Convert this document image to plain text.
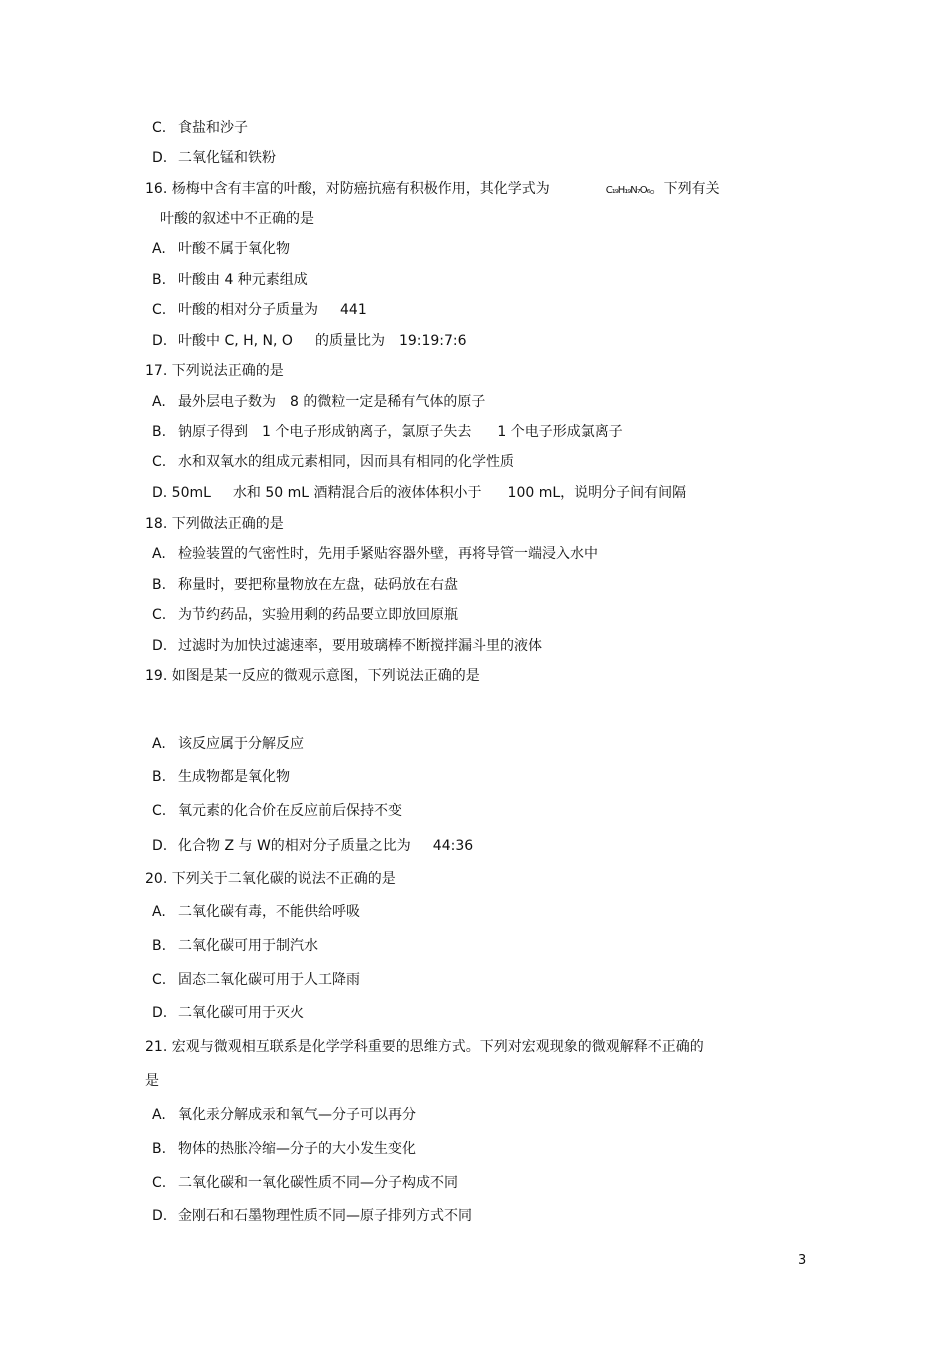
C. 食盐和沙子
D. 二氧化锰和铁粉
16. 杨梅中含有丰富的叶酸，对防癌抗癌有积极作用，其化学式为	C₁₉H₁₉N₇O₆。下列有关
叶酸的叙述中不正确的是
A. 叶酸不属于氧化物
B. 叶酸由 4 种元素组成
C. 叶酸的相对分子质量为 441
D. 叶酸中 C, H, N, O 的质量比为 19:19:7:6
17. 下列说法正确的是
A. 最外层电子数为 8 的微粒一定是稀有气体的原子
B. 钠原子得到 1 个电子形成钠离子，氯原子失去 1 个电子形成氯离子
C. 水和双氧水的组成元素相同，因而具有相同的化学性质
D. 50mL 水和 50 mL 酒精混合后的液体体积小于 100 mL，说明分子间有间隔
18. 下列做法正确的是
A. 检验装置的气密性时，先用手紧贴容器外壁，再将导管一端浸入水中
B. 称量时，要把称量物放在左盘，砝码放在右盘
C. 为节约药品，实验用剩的药品要立即放回原瓶
D. 过滤时为加快过滤速率，要用玻璃棒不断搅拌漏斗里的液体
19. 如图是某一反应的微观示意图，下列说法正确的是
A. 该反应属于分解反应
B. 生成物都是氧化物
C. 氧元素的化合价在反应前后保持不变
D. 化合物 Z 与 W的相对分子质量之比为 44:36
20. 下列关于二氧化碳的说法不正确的是
A. 二氧化碳有毒，不能供给呼吸
B. 二氧化碳可用于制汽水
C. 固态二氧化碳可用于人工降雨
D. 二氧化碳可用于灭火
21. 宏观与微观相互联系是化学学科重要的思维方式。下列对宏观现象的微观解释不正确的
是
A. 氧化汞分解成汞和氧气—分子可以再分
B. 物体的热胀冷缩—分子的大小发生变化
C. 二氧化碳和一氧化碳性质不同—分子构成不同
D. 金刚石和石墨物理性质不同—原子排列方式不同
3
